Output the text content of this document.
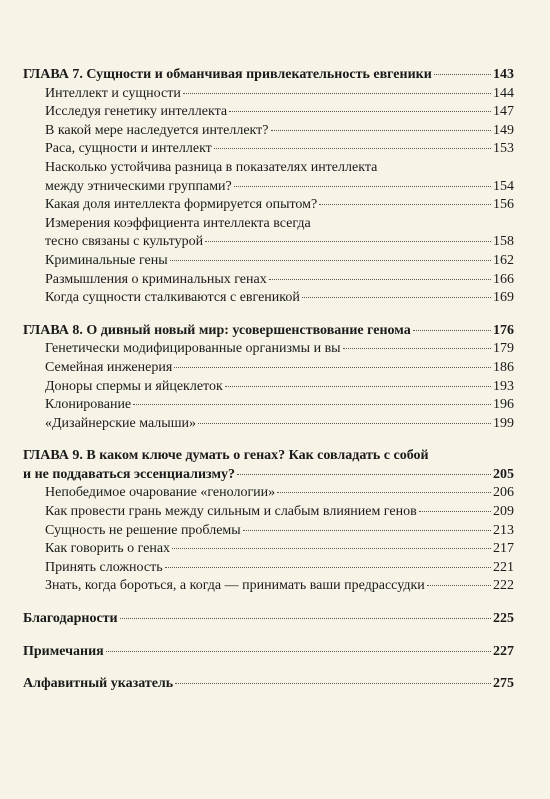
ГЛАВА 7. Сущности и обманчивая привлекательность евгеники	143
Интеллект и сущности	144
Исследуя генетику интеллекта	147
В какой мере наследуется интеллект?	149
Раса, сущности и интеллект	153
Насколько устойчива разница в показателях интеллекта
между этническими группами?	154
Какая доля интеллекта формируется опытом?	156
Измерения коэффициента интеллекта всегда
тесно связаны с культурой	158
Криминальные гены	162
Размышления о криминальных генах	166
Когда сущности сталкиваются с евгеникой	169
ГЛАВА 8. О дивный новый мир: усовершенствование генома	176
Генетически модифицированные организмы и вы	179
Семейная инженерия	186
Доноры спермы и яйцеклеток	193
Клонирование	196
«Дизайнерские малыши»	199
ГЛАВА 9. В каком ключе думать о генах? Как совладать с собой
и не поддаваться эссенциализму?	205
Непобедимое очарование «генологии»	206
Как провести грань между сильным и слабым влиянием генов	209
Сущность не решение проблемы	213
Как говорить о генах	217
Принять сложность	221
Знать, когда бороться, а когда — принимать ваши предрассудки	222
Благодарности	225
Примечания	227
Алфавитный указатель	275
